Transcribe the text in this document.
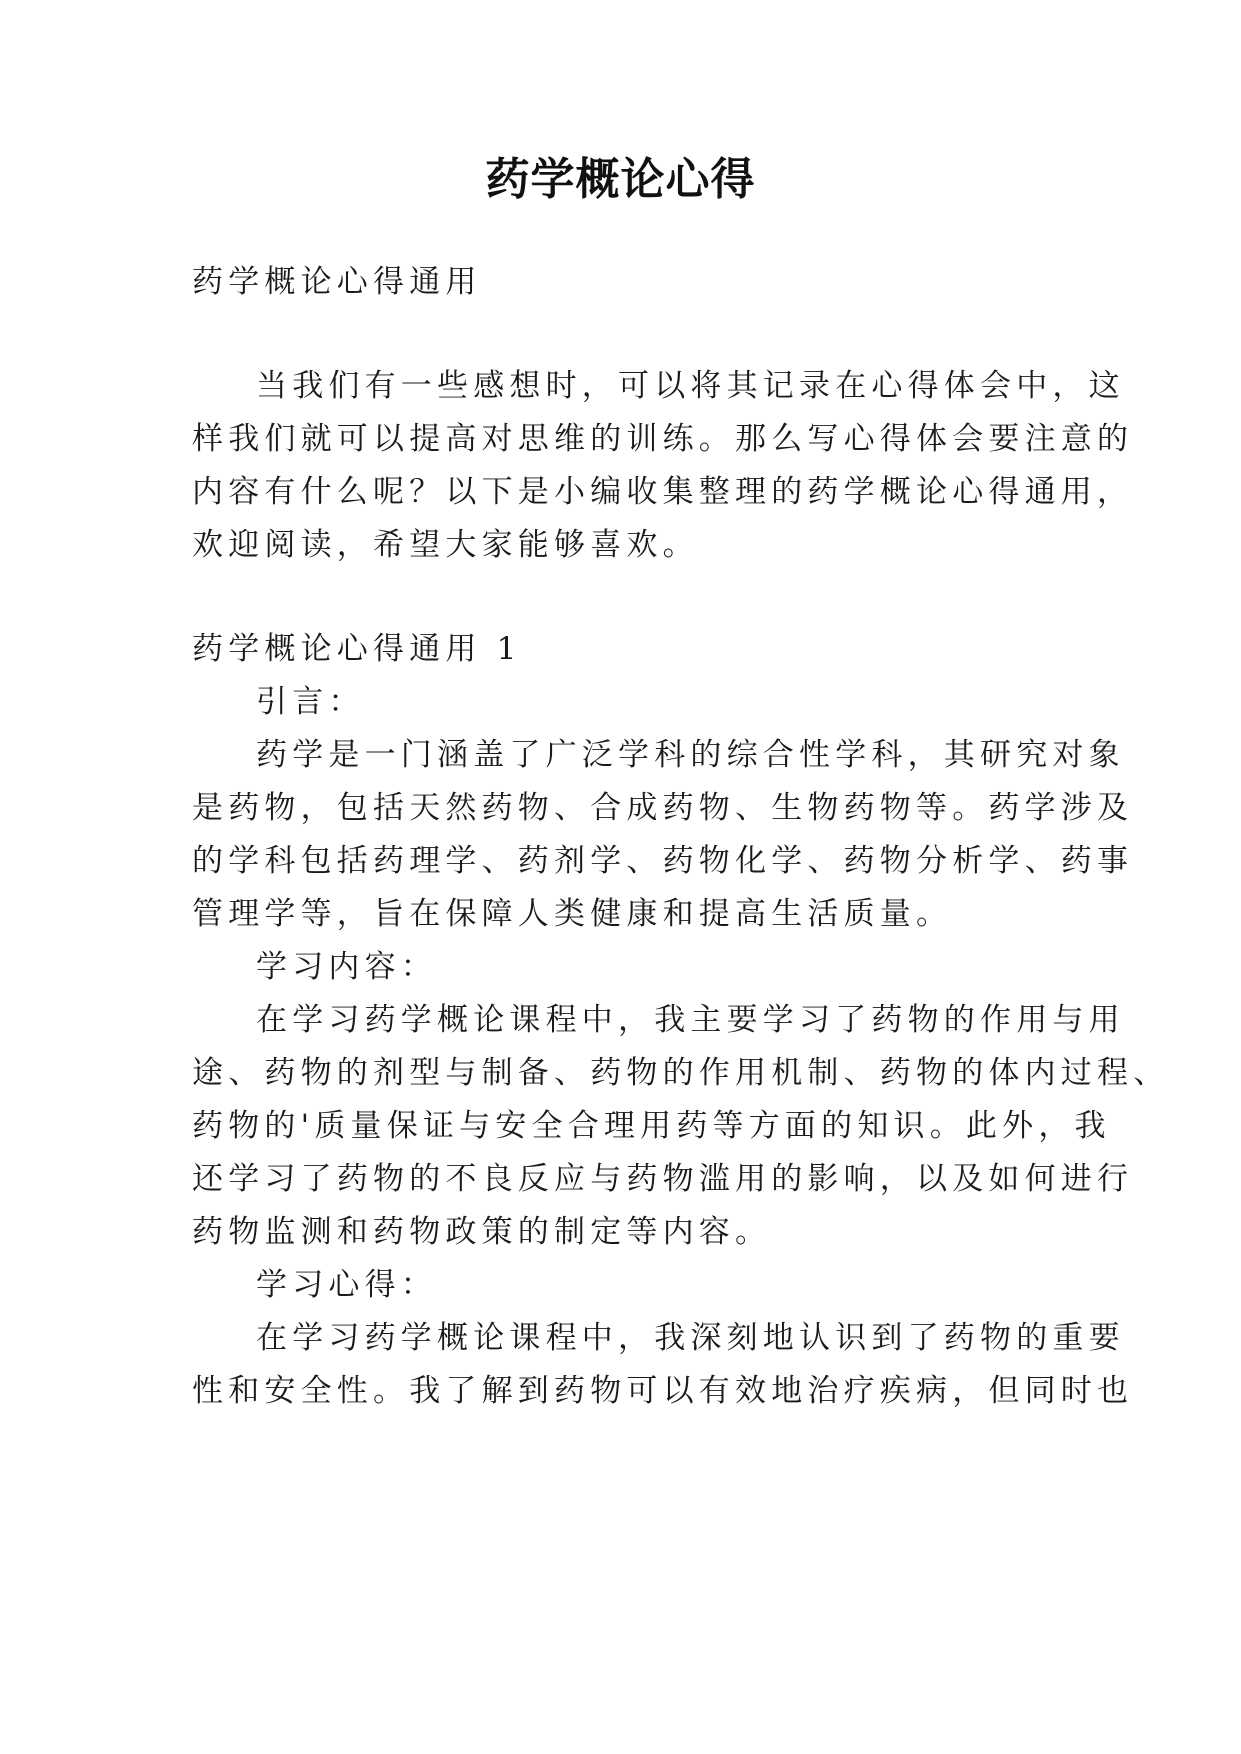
药学概论心得
药学概论心得通用
当我们有一些感想时，可以将其记录在心得体会中，这
样我们就可以提高对思维的训练。那么写心得体会要注意的
内容有什么呢？以下是小编收集整理的药学概论心得通用，
欢迎阅读，希望大家能够喜欢。
药学概论心得通用 1
引言：
药学是一门涵盖了广泛学科的综合性学科，其研究对象
是药物，包括天然药物、合成药物、生物药物等。药学涉及
的学科包括药理学、药剂学、药物化学、药物分析学、药事
管理学等，旨在保障人类健康和提高生活质量。
学习内容：
在学习药学概论课程中，我主要学习了药物的作用与用
途、药物的剂型与制备、药物的作用机制、药物的体内过程、
药物的'质量保证与安全合理用药等方面的知识。此外，我
还学习了药物的不良反应与药物滥用的影响，以及如何进行
药物监测和药物政策的制定等内容。
学习心得：
在学习药学概论课程中，我深刻地认识到了药物的重要
性和安全性。我了解到药物可以有效地治疗疾病，但同时也
